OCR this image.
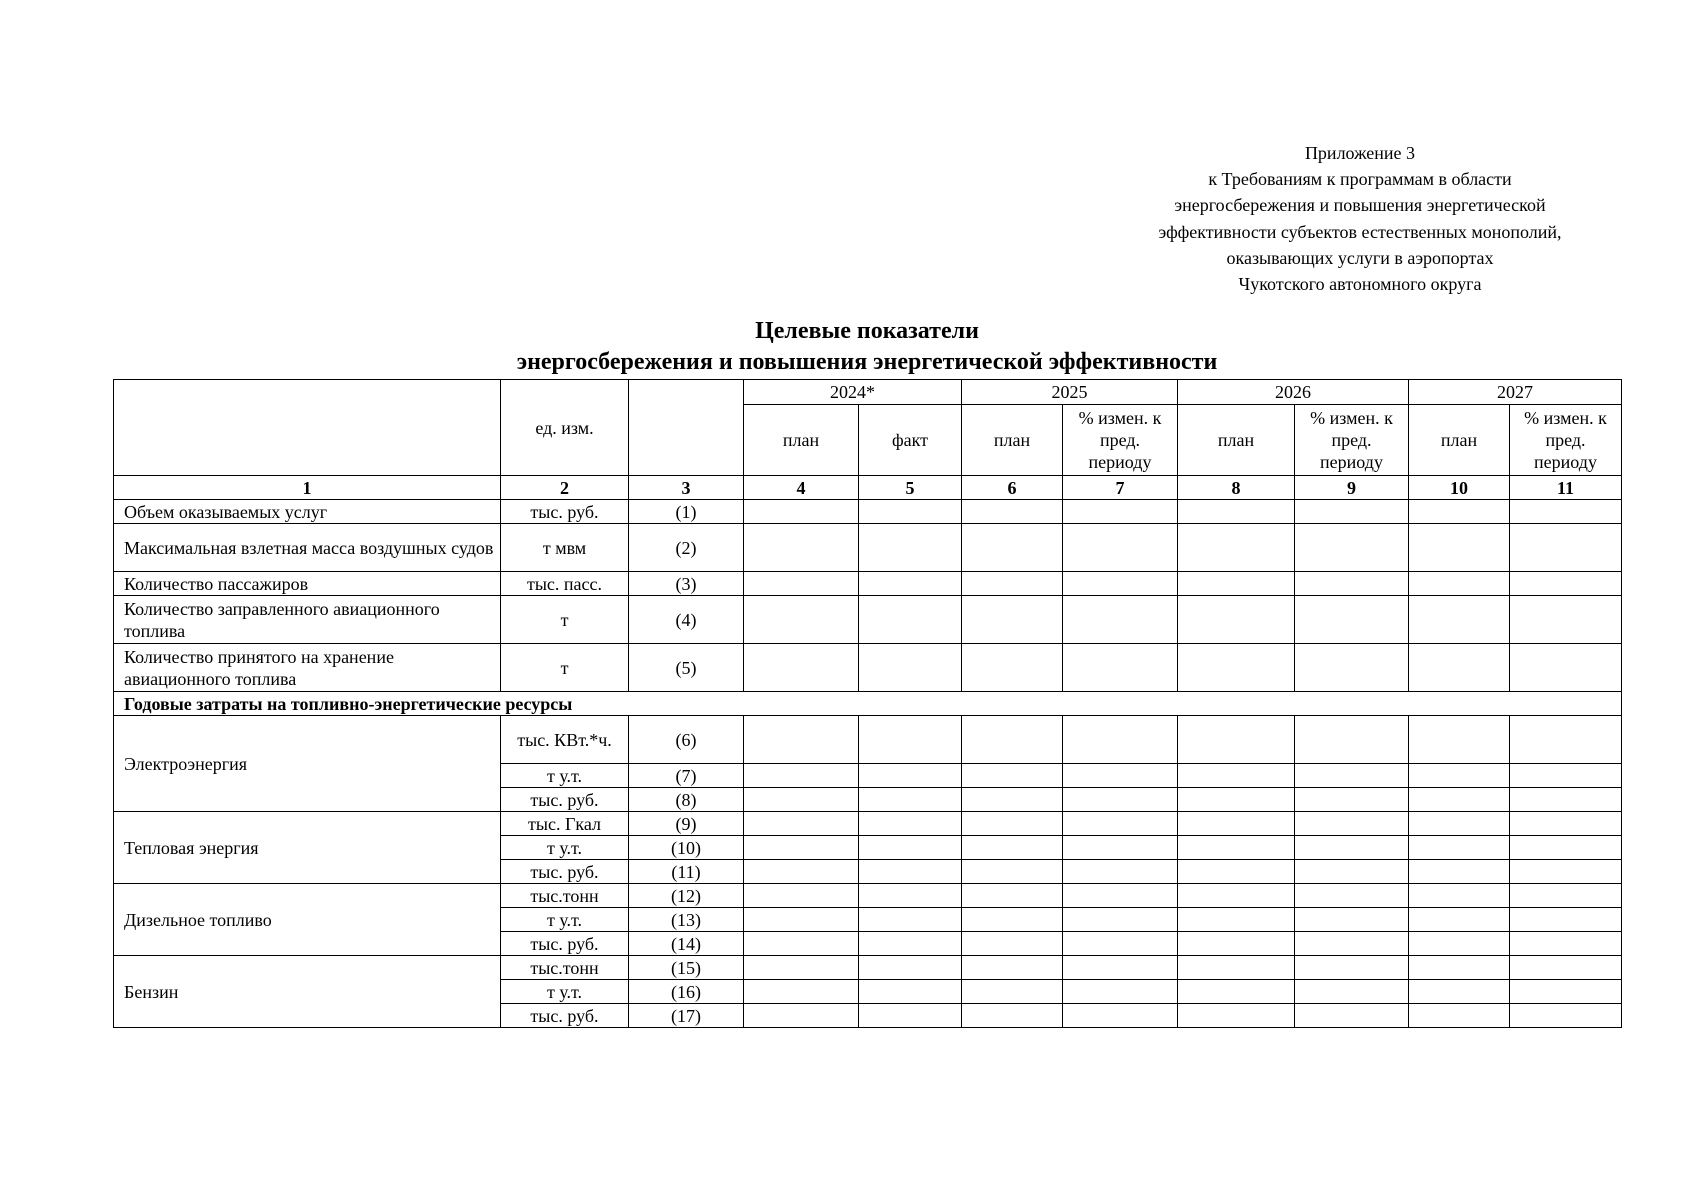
Приложение 3
к Требованиям к программам в области
энергосбережения и повышения энергетической
эффективности субъектов естественных монополий,
оказывающих услуги в аэропортах
Чукотского автономного округа
Целевые показатели
энергосбережения и повышения энергетической эффективности
	ед. изм.		2024*		2025		2026		2027	
			план	факт	план	% измен. к пред. периоду	план	% измен. к пред. периоду	план	% измен. к пред. периоду
1	2	3	4	5	6	7	8	9	10	11
Объем оказываемых услуг	тыс. руб.	(1)								
Максимальная взлетная масса воздушных судов	т мвм	(2)								
Количество пассажиров	тыс. пасс.	(3)								
Количество заправленного авиационного топлива	т	(4)								
Количество принятого на хранение авиационного топлива	т	(5)								
Годовые затраты на топливно-энергетические ресурсы										
Электроэнергия	тыс. КВт.*ч.	(6)								
	т у.т.	(7)								
	тыс. руб.	(8)								
Тепловая энергия	тыс. Гкал	(9)								
	т у.т.	(10)								
	тыс. руб.	(11)								
Дизельное топливо	тыс.тонн	(12)								
	т у.т.	(13)								
	тыс. руб.	(14)								
Бензин	тыс.тонн	(15)								
	т у.т.	(16)								
	тыс. руб.	(17)								
